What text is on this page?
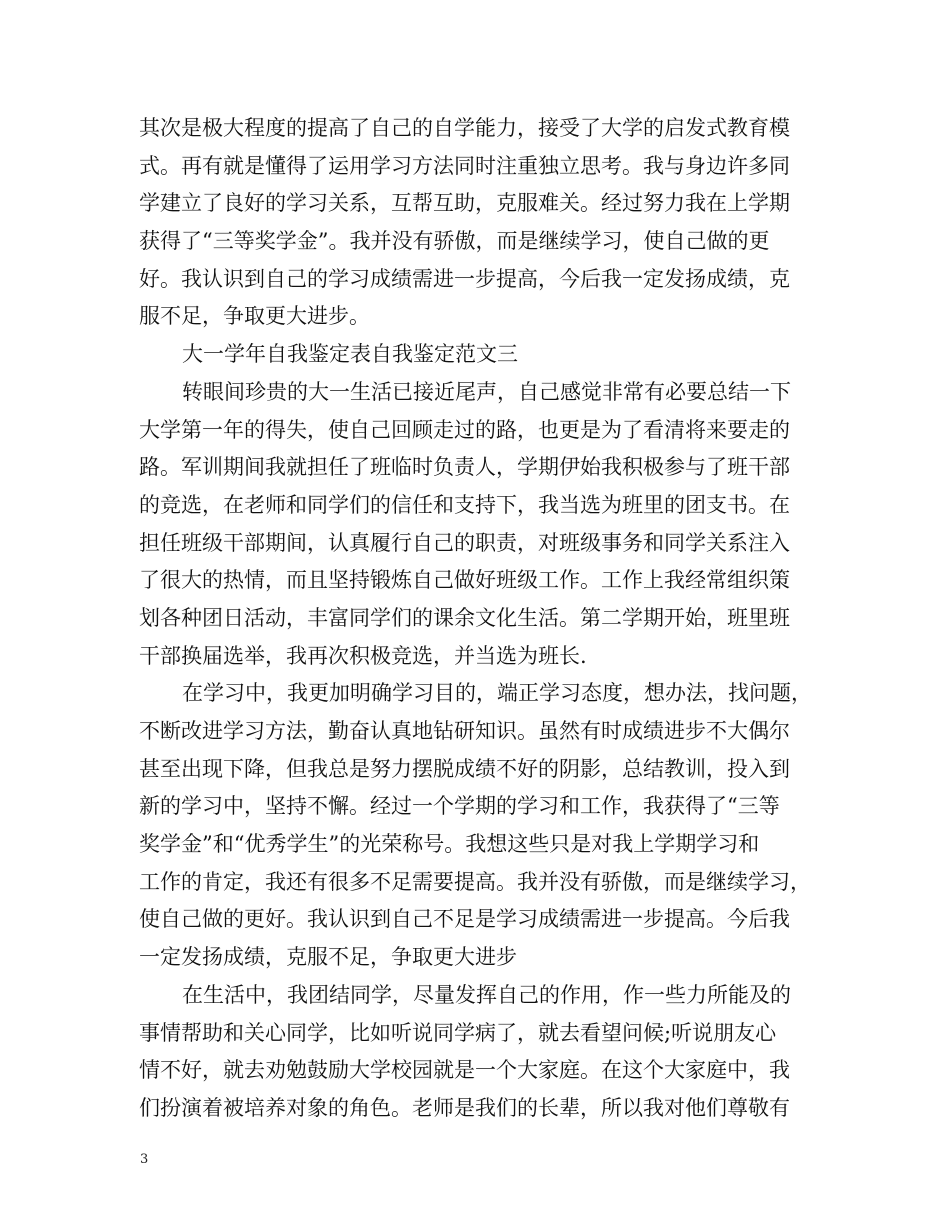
其次是极大程度的提高了自己的自学能力，接受了大学的启发式教育模
式。再有就是懂得了运用学习方法同时注重独立思考。我与身边许多同
学建立了良好的学习关系，互帮互助，克服难关。经过努力我在上学期
获得了“三等奖学金”。我并没有骄傲，而是继续学习，使自己做的更
好。我认识到自己的学习成绩需进一步提高，今后我一定发扬成绩，克
服不足，争取更大进步。
大一学年自我鉴定表自我鉴定范文三
转眼间珍贵的大一生活已接近尾声，自己感觉非常有必要总结一下
大学第一年的得失，使自己回顾走过的路，也更是为了看清将来要走的
路。军训期间我就担任了班临时负责人，学期伊始我积极参与了班干部
的竞选，在老师和同学们的信任和支持下，我当选为班里的团支书。在
担任班级干部期间，认真履行自己的职责，对班级事务和同学关系注入
了很大的热情，而且坚持锻炼自己做好班级工作。工作上我经常组织策
划各种团日活动，丰富同学们的课余文化生活。第二学期开始，班里班
干部换届选举，我再次积极竞选，并当选为班长.
在学习中，我更加明确学习目的，端正学习态度，想办法，找问题，
不断改进学习方法，勤奋认真地钻研知识。虽然有时成绩进步不大偶尔
甚至出现下降，但我总是努力摆脱成绩不好的阴影，总结教训，投入到
新的学习中，坚持不懈。经过一个学期的学习和工作，我获得了“三等
奖学金”和“优秀学生”的光荣称号。我想这些只是对我上学期学习和
工作的肯定，我还有很多不足需要提高。我并没有骄傲，而是继续学习，
使自己做的更好。我认识到自己不足是学习成绩需进一步提高。今后我
一定发扬成绩，克服不足，争取更大进步
在生活中，我团结同学，尽量发挥自己的作用，作一些力所能及的
事情帮助和关心同学，比如听说同学病了，就去看望问候;听说朋友心
情不好，就去劝勉鼓励大学校园就是一个大家庭。在这个大家庭中，我
们扮演着被培养对象的角色。老师是我们的长辈，所以我对他们尊敬有
3
